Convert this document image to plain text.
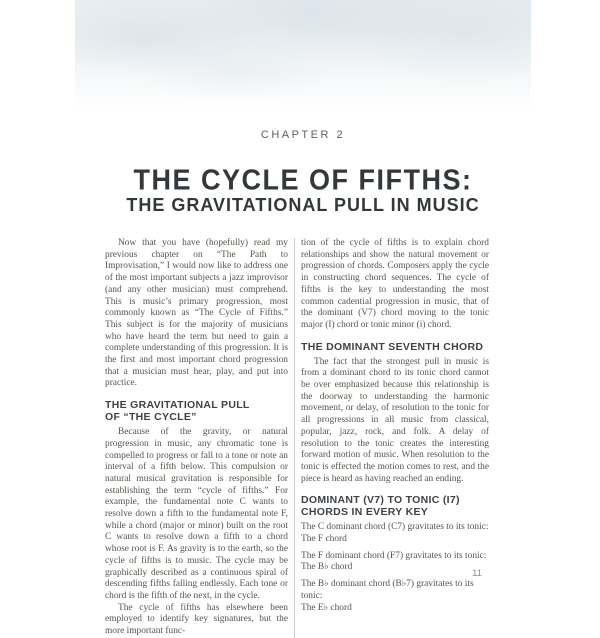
CHAPTER 2
THE CYCLE OF FIFTHS:
THE GRAVITATIONAL PULL IN MUSIC

Now that you have (hopefully) read my previous chapter on “The Path to Improvisation,” I would now like to address one of the most important subjects a jazz improvisor (and any other musician) must comprehend. This is music’s primary progression, most commonly known as “The Cycle of Fifths.” This subject is for the majority of musicians who have heard the term but need to gain a complete understanding of this progression. It is the first and most important chord progression that a musician must hear, play, and put into practice.

THE GRAVITATIONAL PULL
OF “THE CYCLE”

Because of the gravity, or natural progression in music, any chromatic tone is compelled to progress or fall to a tone or note an interval of a fifth below. This compulsion or natural musical gravitation is responsible for establishing the term “cycle of fifths.” For example, the fundamental note C wants to resolve down a fifth to the fundamental note F, while a chord (major or minor) built on the root C wants to resolve down a fifth to a chord whose root is F. As gravity is to the earth, so the cycle of fifths is to music. The cycle may be graphically described as a continuous spiral of descending fifths falling endlessly. Each tone or chord is the fifth of the next, in the cycle.

The cycle of fifths has elsewhere been employed to identify key signatures, but the more important func-

tion of the cycle of fifths is to explain chord relationships and show the natural movement or progression of chords. Composers apply the cycle in constructing chord sequences. The cycle of fifths is the key to understanding the most common cadential progression in music, that of the dominant (V7) chord moving to the tonic major (I) chord or tonic minor (i) chord.

THE DOMINANT SEVENTH CHORD

The fact that the strongest pull in music is from a dominant chord to its tonic chord cannot be over emphasized because this relationship is the doorway to understanding the harmonic movement, or delay, of resolution to the tonic for all progressions in all music from classical, popular, jazz, rock, and folk. A delay of resolution to the tonic creates the interesting forward motion of music. When resolution to the tonic is effected the motion comes to rest, and the piece is heard as having reached an ending.

DOMINANT (V7) TO TONIC (I7)
CHORDS IN EVERY KEY
The C dominant chord (C7) gravitates to its tonic:
The F chord
The F dominant chord (F7) gravitates to its tonic:
The B♭ chord
The B♭ dominant chord (B♭7) gravitates to its tonic:
The E♭ chord
11
